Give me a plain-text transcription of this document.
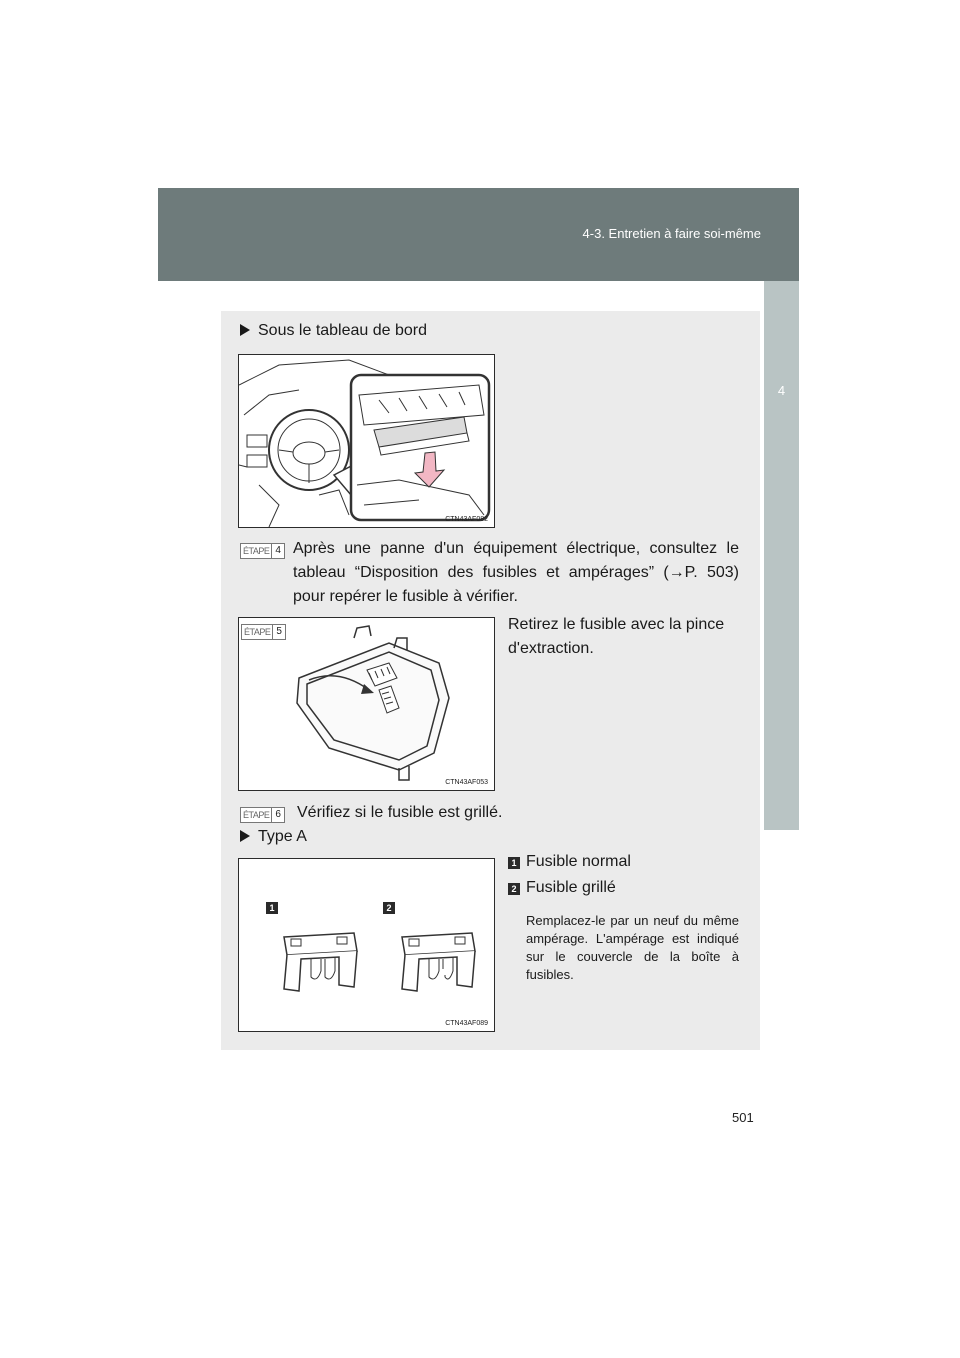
4-3. Entretien à faire soi-même
4
Sous le tableau de bord
CTN43AF082
ÉTAPE 4 Après une panne d'un équipement électrique, consultez le tableau “Disposition des fusibles et ampérages” (→P. 503) pour repérer le fusible à vérifier.
ÉTAPE 5
CTN43AF053
Retirez le fusible avec la pince d'extraction.
ÉTAPE 6 Vérifiez si le fusible est grillé.
Type A
1 Fusible normal
2 Fusible grillé
Remplacez-le par un neuf du même ampérage. L'ampérage est indiqué sur le couvercle de la boîte à fusibles.
1	2
CTN43AF089
501
